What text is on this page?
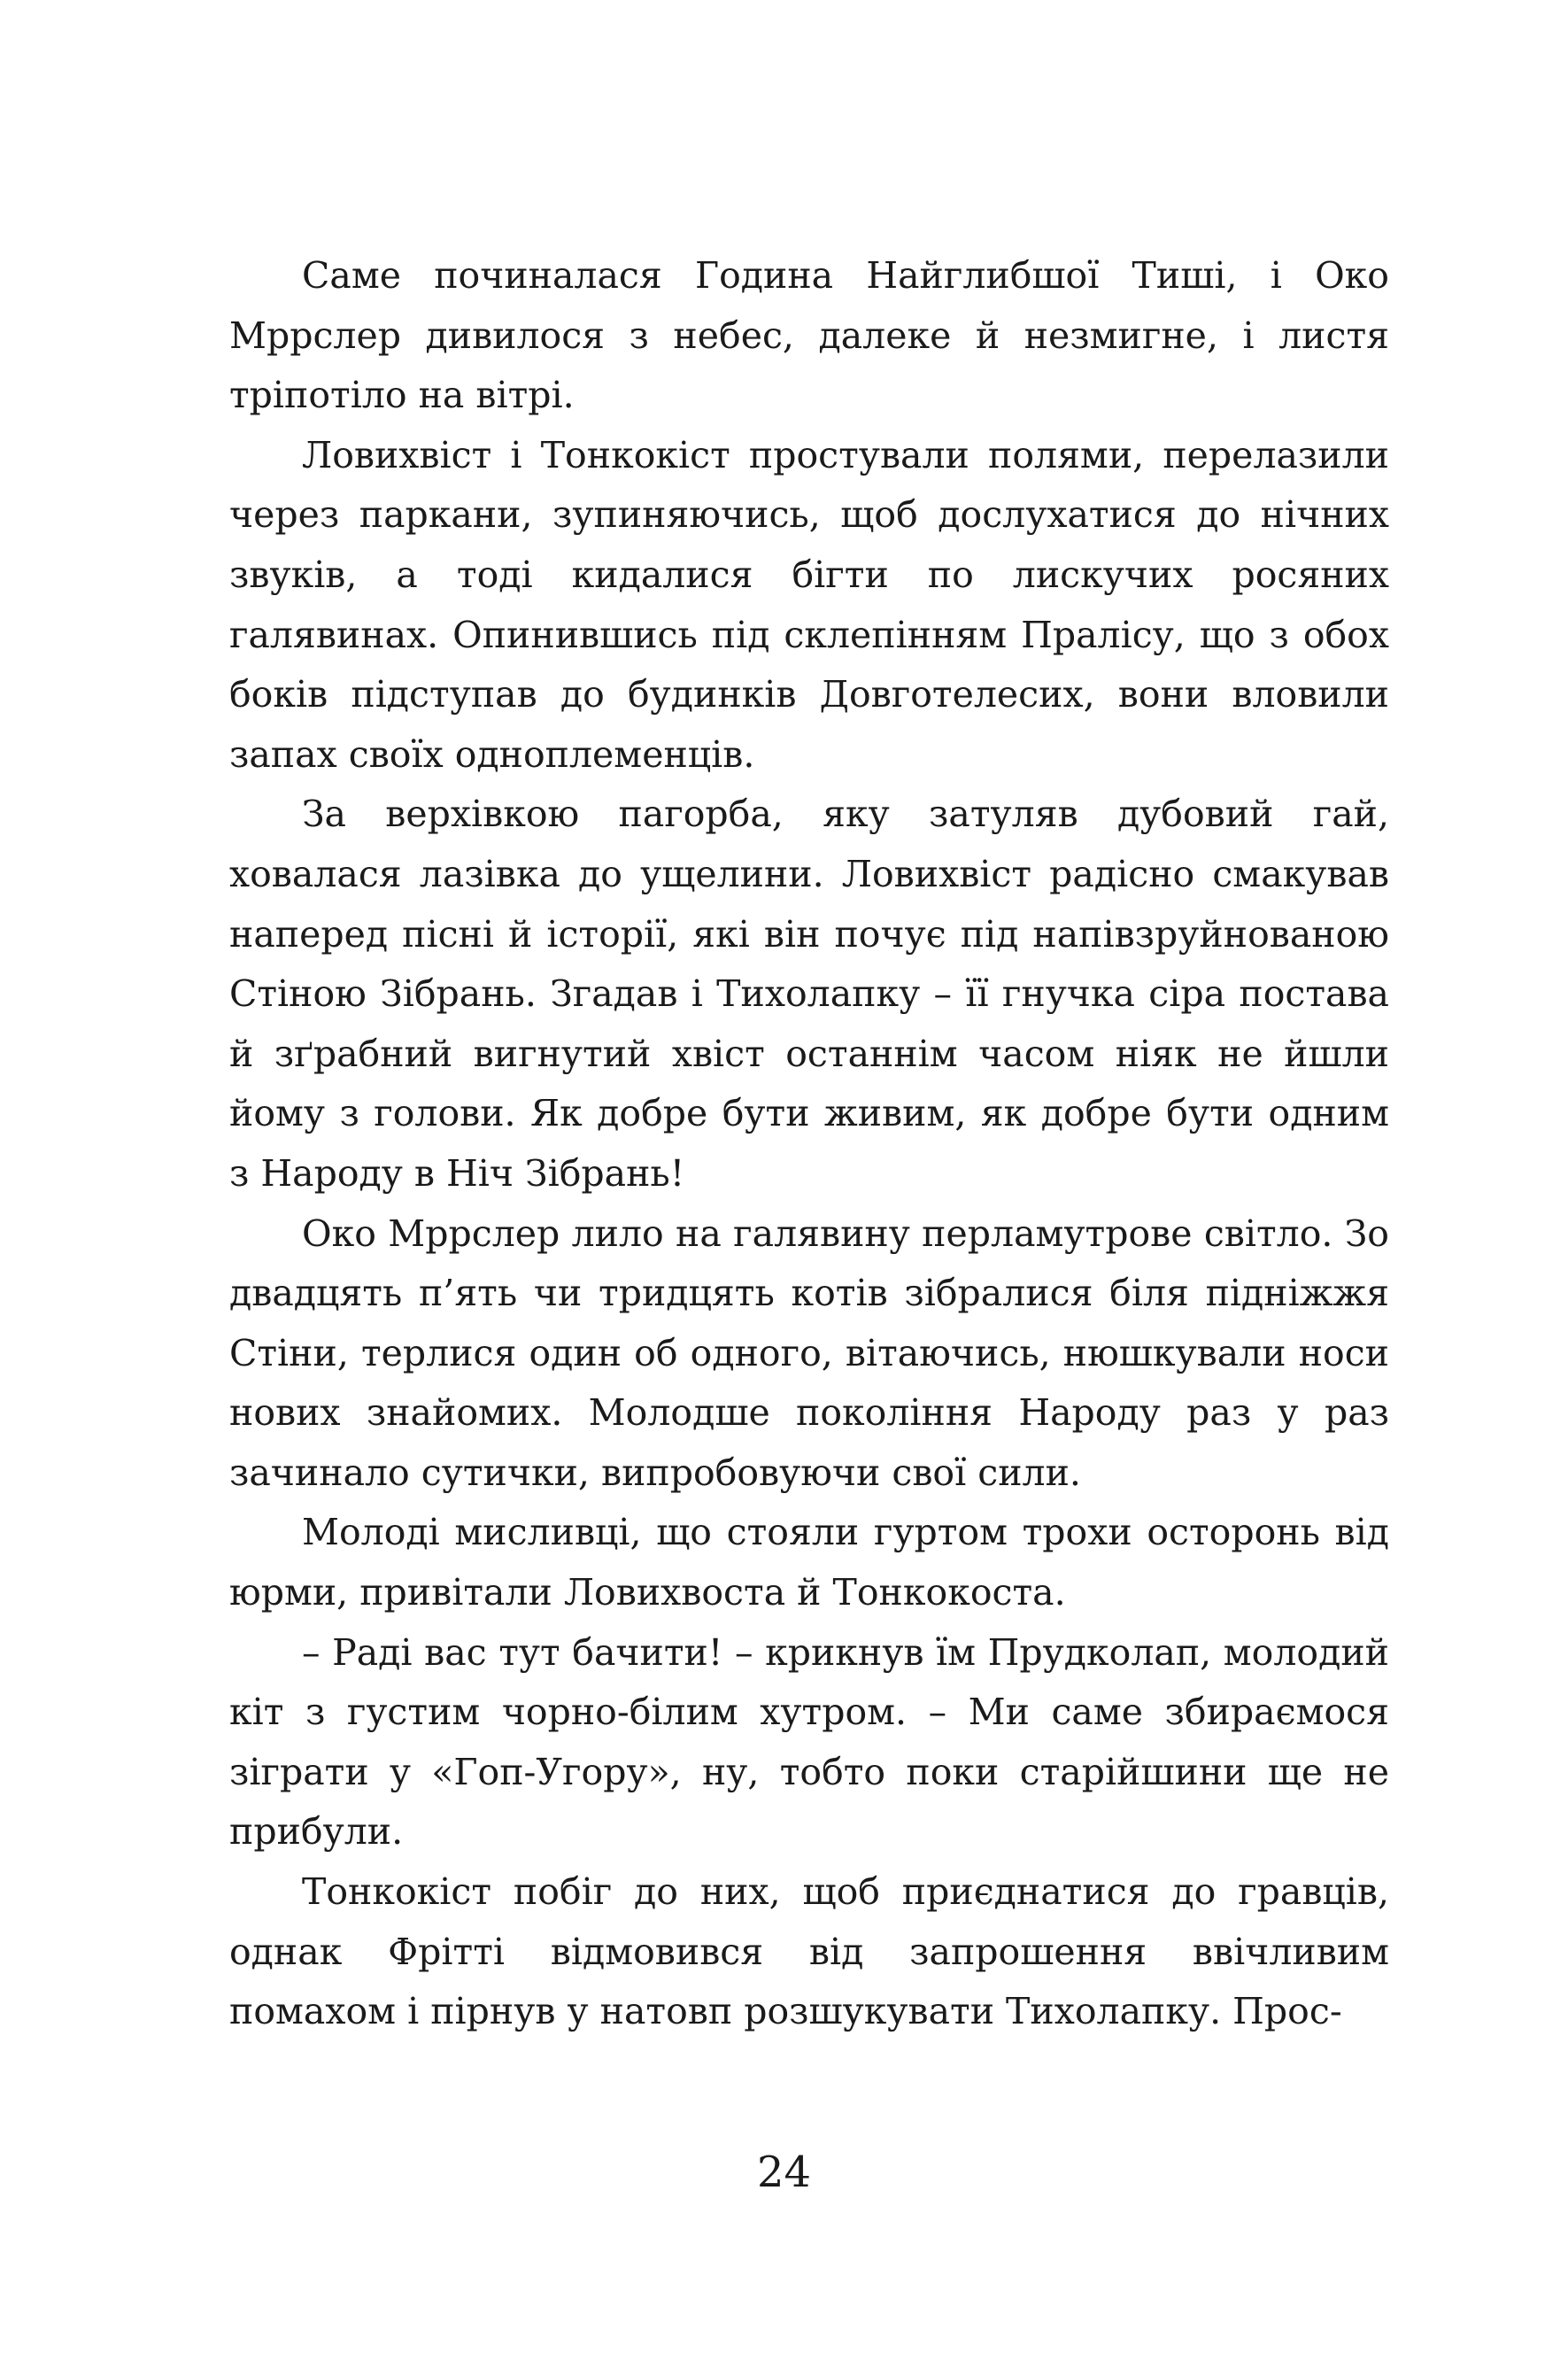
Саме починалася Година Найглибшої Тиші, і Око Мррслер дивилося з небес, далеке й незмигне, і листя тріпотіло на вітрі.

Ловихвіст і Тонкокіст простували полями, перелазили через паркани, зупиняючись, щоб дослухатися до нічних звуків, а тоді кидалися бігти по лискучих росяних галявинах. Опинившись під склепінням Пралісу, що з обох боків підступав до будинків Довготелесих, вони вловили запах своїх одноплеменців.

За верхівкою пагорба, яку затуляв дубовий гай, ховалася лазівка до ущелини. Ловихвіст радісно смакував наперед пісні й історії, які він почує під напівзруйнованою Стіною Зібрань. Згадав і Тихолапку – її гнучка сіра постава й зґрабний вигнутий хвіст останнім часом ніяк не йшли йому з голови. Як добре бути живим, як добре бути одним з Народу в Ніч Зібрань!

Око Мррслер лило на галявину перламутрове світло. Зо двадцять п’ять чи тридцять котів зібралися біля підніжжя Стіни, терлися один об одного, вітаючись, нюшкували носи нових знайомих. Молодше покоління Народу раз у раз зачинало сутички, випробовуючи свої сили.

Молоді мисливці, що стояли гуртом трохи осторонь від юрми, привітали Ловихвоста й Тонкокоста.

– Раді вас тут бачити! – крикнув їм Прудколап, молодий кіт з густим чорно-білим хутром. – Ми саме збираємося зіграти у «Гоп-Угору», ну, тобто поки старійшини ще не прибули.

Тонкокіст побіг до них, щоб приєднатися до гравців, однак Фрітті відмовився від запрошення ввічливим помахом і пірнув у натовп розшукувати Тихолапку. Прос-

24
